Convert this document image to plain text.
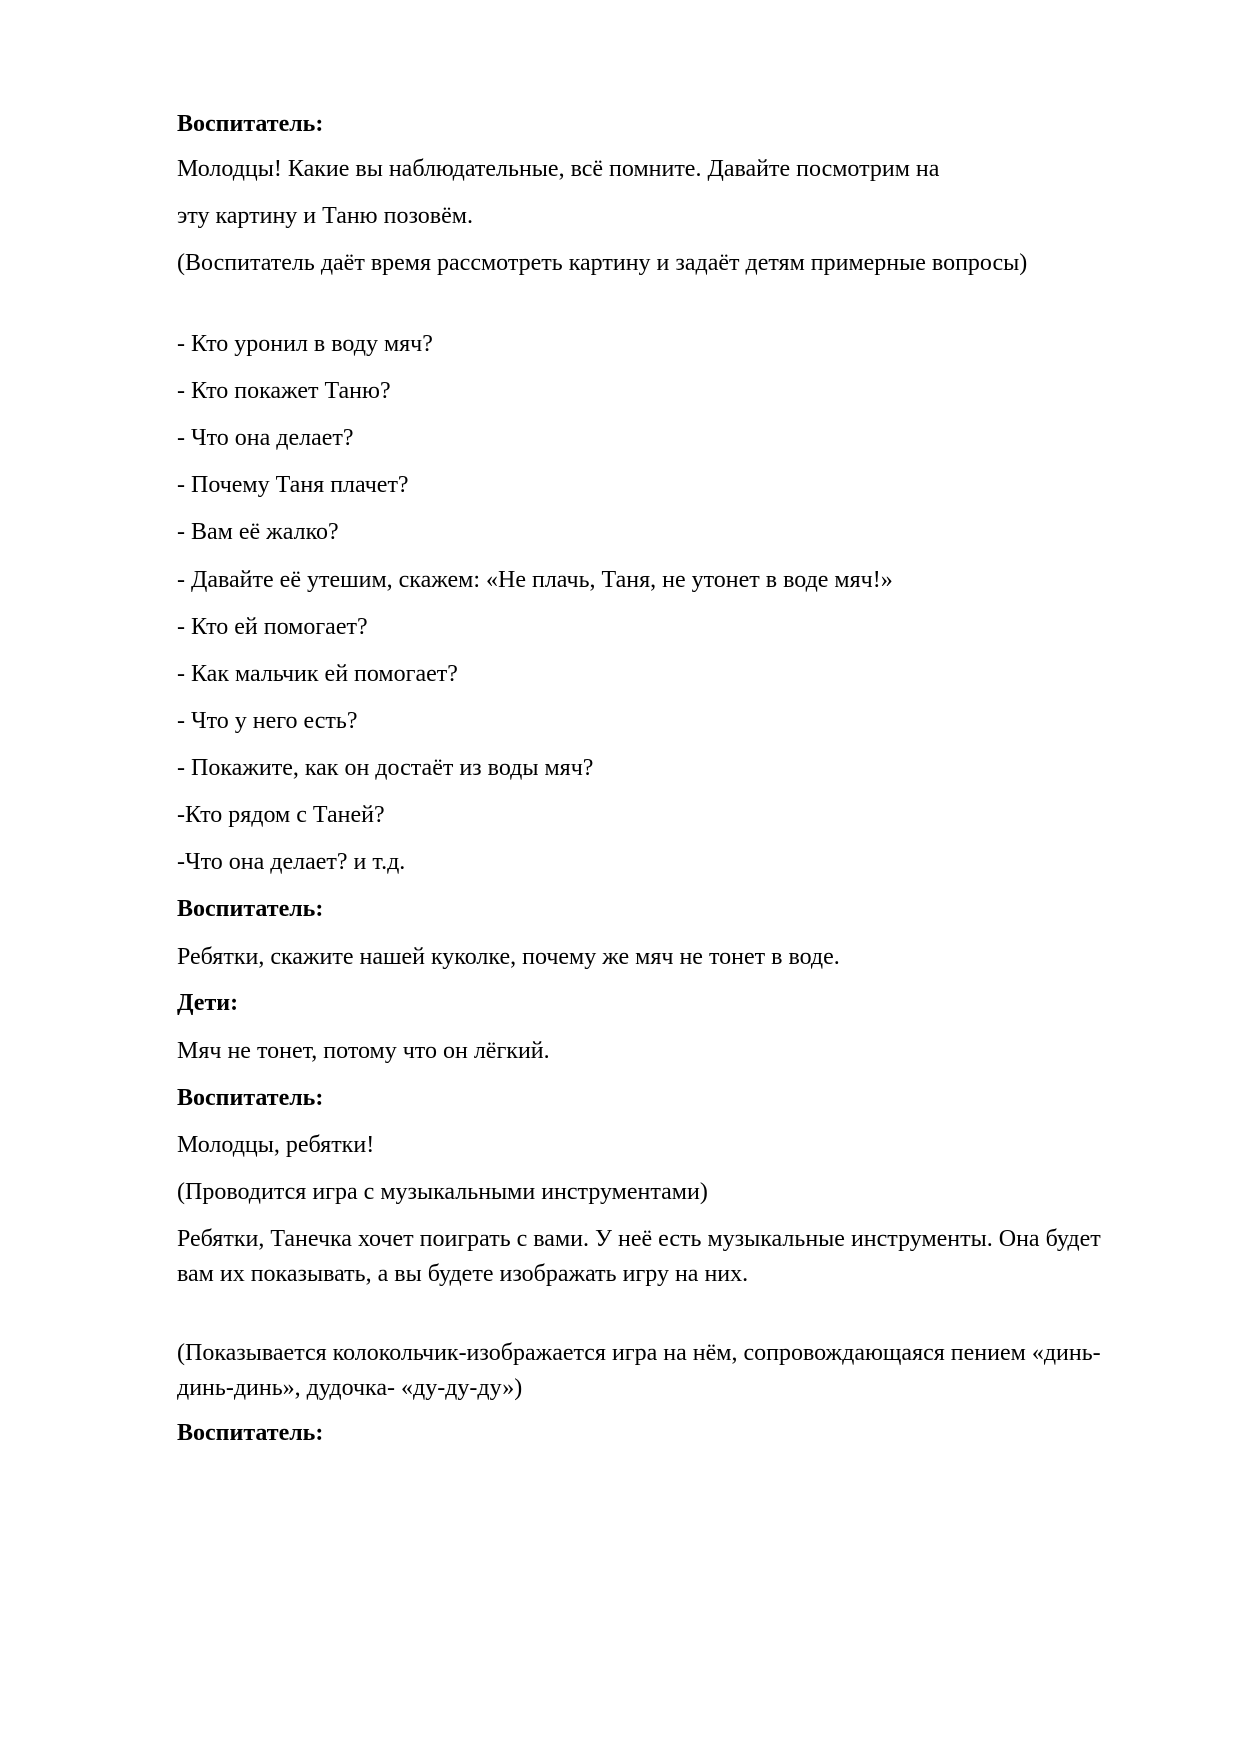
Воспитатель:

Молодцы! Какие вы наблюдательные, всё помните. Давайте посмотрим на

эту картину и Таню позовём.

(Воспитатель даёт время рассмотреть картину и задаёт детям примерные вопросы)

- Кто уронил в воду мяч?

- Кто покажет Таню?

- Что она делает?

- Почему Таня плачет?

- Вам её жалко?

- Давайте её утешим, скажем: «Не плачь, Таня, не утонет в воде мяч!»

- Кто ей помогает?

- Как мальчик ей помогает?

- Что у него есть?

- Покажите, как он достаёт из воды мяч?

-Кто рядом с Таней?

-Что она делает? и т.д.

Воспитатель:

Ребятки, скажите нашей куколке, почему же мяч не тонет в воде.

Дети:

Мяч не тонет, потому что он лёгкий.

Воспитатель:

Молодцы, ребятки!

(Проводится игра с музыкальными инструментами)

Ребятки, Танечка хочет поиграть с вами. У неё есть музыкальные инструменты. Она будет вам их показывать, а вы будете изображать игру на них.

(Показывается колокольчик-изображается игра на нём, сопровождающаяся пением «динь-динь-динь», дудочка- «ду-ду-ду»)

Воспитатель:
